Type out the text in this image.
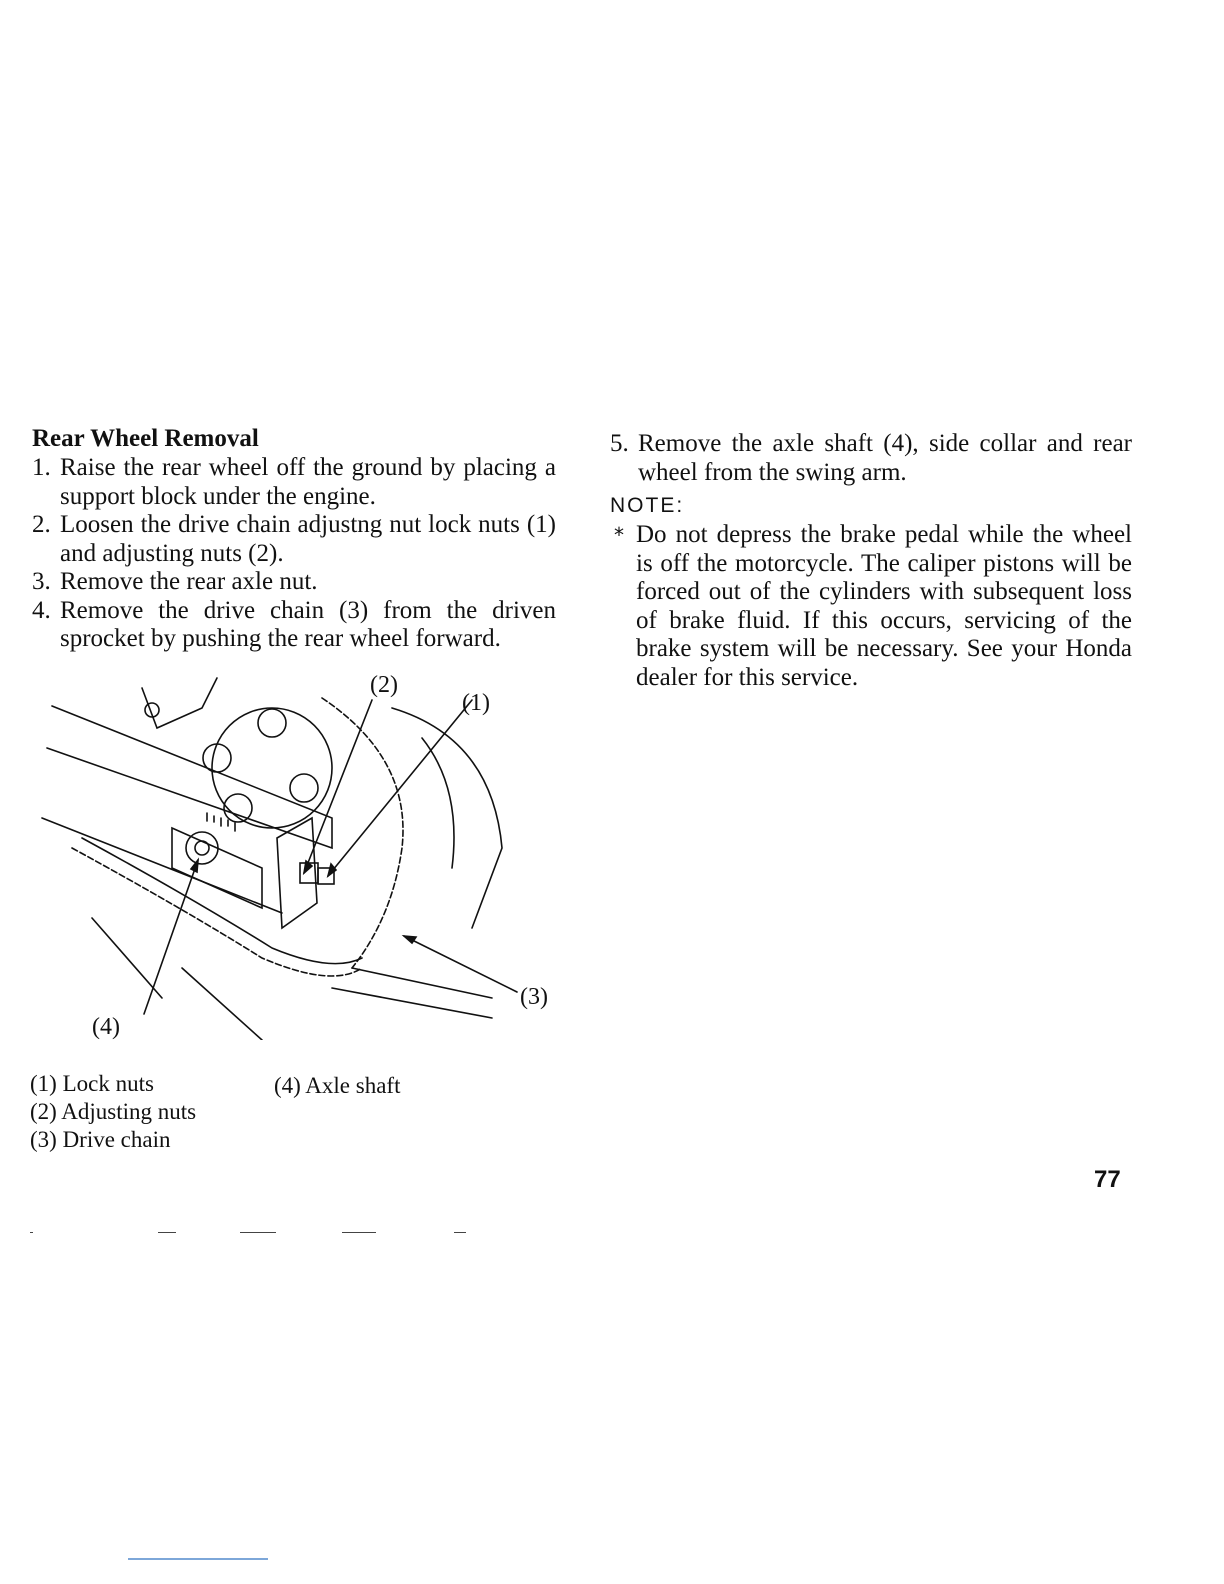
Rear Wheel Removal
1. Raise the rear wheel off the ground by placing a support block under the engine.
2. Loosen the drive chain adjustng nut lock nuts (1) and adjusting nuts (2).
3. Remove the rear axle nut.
4. Remove the drive chain (3) from the driven sprocket by pushing the rear wheel forward.
5. Remove the axle shaft (4), side collar and rear wheel from the swing arm.
NOTE:
* Do not depress the brake pedal while the wheel is off the motorcycle. The caliper pistons will be forced out of the cylinders with subsequent loss of brake fluid. If this occurs, servicing of the brake system will be necessary. See your Honda dealer for this service.
(2)
(1)
(3)
(4)
(1) Lock nuts
(2) Adjusting nuts
(3) Drive chain
(4) Axle shaft
77
